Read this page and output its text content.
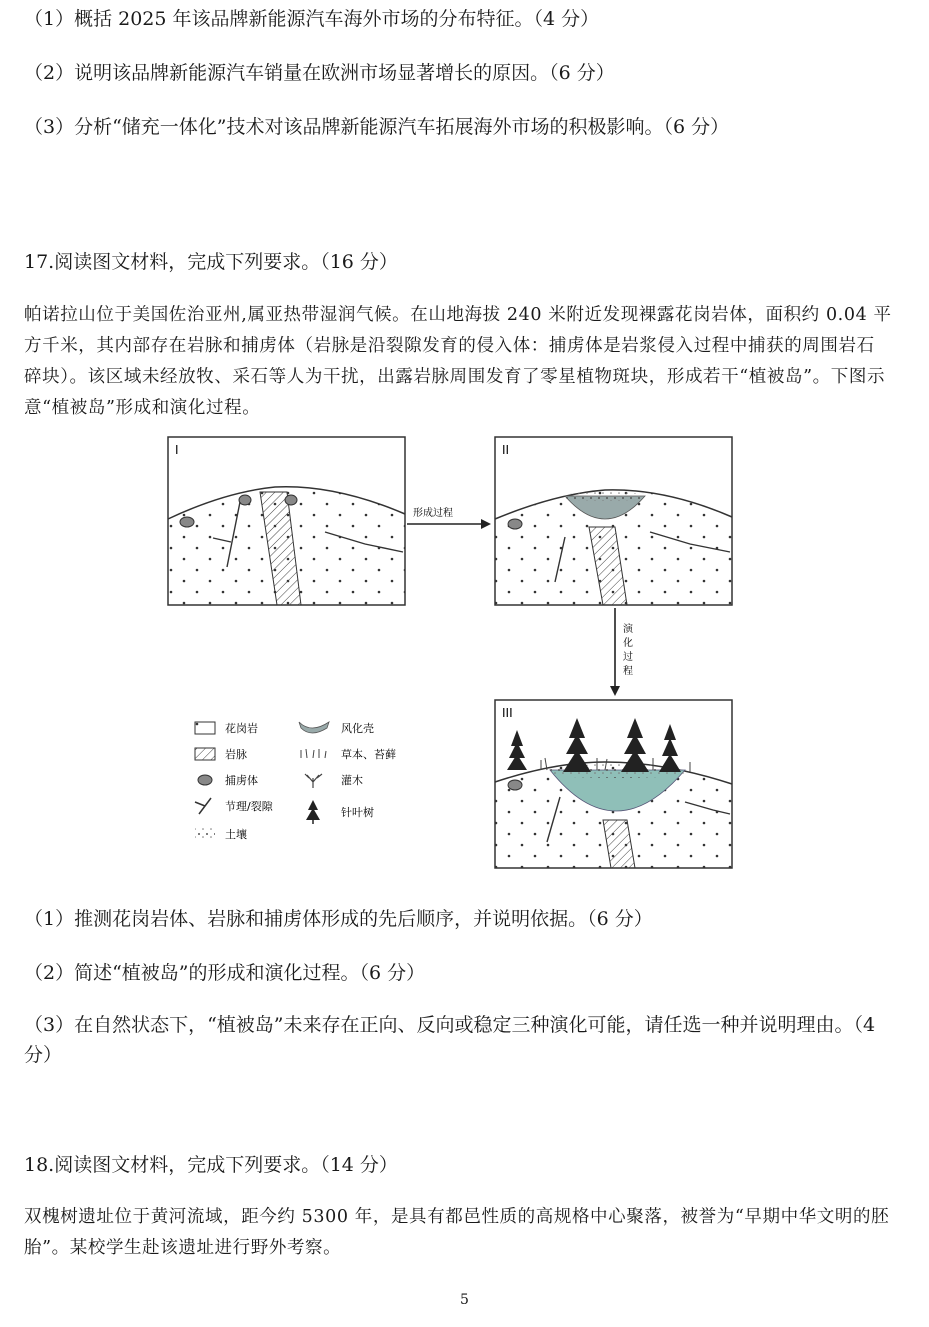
（1）概括 2025 年该品牌新能源汽车海外市场的分布特征。（4 分）
（2）说明该品牌新能源汽车销量在欧洲市场显著增长的原因。（6 分）
（3）分析“储充一体化”技术对该品牌新能源汽车拓展海外市场的积极影响。（6 分）
17.阅读图文材料，完成下列要求。（16 分）
帕诺拉山位于美国佐治亚州,属亚热带湿润气候。在山地海拔 240 米附近发现裸露花岗岩体，面积约 0.04 平方千米，其内部存在岩脉和捕虏体（岩脉是沿裂隙发育的侵入体：捕虏体是岩浆侵入过程中捕获的周围岩石碎块）。该区域未经放牧、采石等人为干扰，出露岩脉周围发育了零星植物斑块，形成若干“植被岛”。下图示意“植被岛”形成和演化过程。
I
形成过程
II
演
化
过
程
III
花岗岩
岩脉
捕虏体
节理/裂隙
土壤
风化壳
草本、苔藓
灌木
针叶树
（1）推测花岗岩体、岩脉和捕虏体形成的先后顺序，并说明依据。（6 分）
（2）简述“植被岛”的形成和演化过程。（6 分）
（3）在自然状态下，“植被岛”未来存在正向、反向或稳定三种演化可能，请任选一种并说明理由。（4 分）
18.阅读图文材料，完成下列要求。（14 分）
双槐树遗址位于黄河流域，距今约 5300 年，是具有都邑性质的高规格中心聚落，被誉为“早期中华文明的胚胎”。某校学生赴该遗址进行野外考察。
5
